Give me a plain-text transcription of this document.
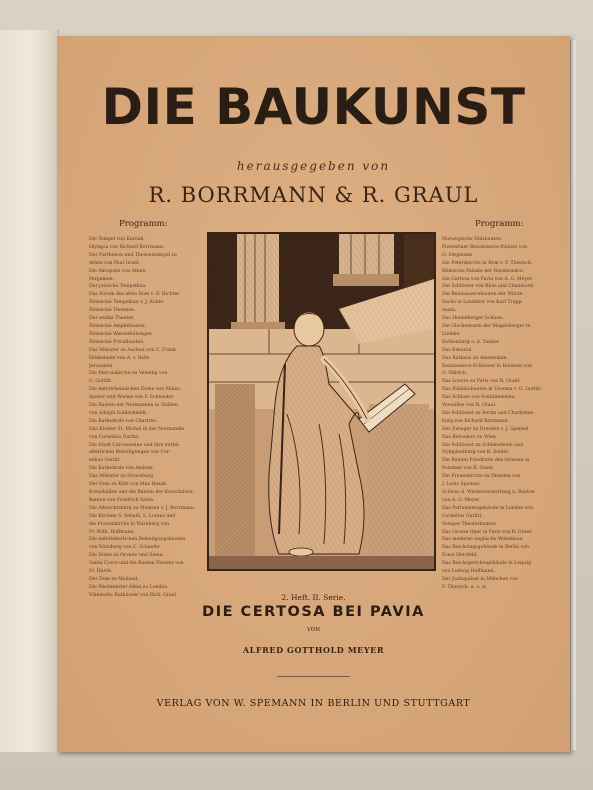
DIE BAUKUNST
herausgegeben von
R. BORRMANN & R. GRAUL
Programm:	Programm:
Die Tempel von Karnak.
Olympia von Richard Borrmann.
Der Parthenon und Theseustempel zu
Athen von Paul Graef.
Die Akropolis von Athen.
Pergamon.
Der jonische Tempelbau.
Das Forum des alten Rom v. O. Richter.
Römische Tempelbau v. J. Kohte.
Römische Thermen.
Der antike Theater.
Römische Amphitheater.
Römische Wasserleitungen.
Römische Privatbauten.
Das Münster zu Aachen von C. Frank.
Hildesheim von A. v. Behr.
Jerusalem.
Die Marcuskirche zu Venedig von
G. Gurlitt.
Die mittelrheinischen Dome von Mainz,
Speyer und Worms von F. Schneider.
Die Bauten der Normannen in Sizilien
von Adolph Goldschmidt.
Die Kathedrale von Chartres.
Das Kloster St. Michel in der Normandie
von Cornelius Gurlitt.
Die Stadt Carcassonne und ihre mittel-
alterlichen Befestigungen von Cor-
nelius Gurlitt.
Die Kathedrale von Amiens.
Das Münster zu Strassburg.
Der Dom zu Köln von Max Hasak.
Kreuzhallen und die Bauten der Kreuzfahrer.
Bauten von Friedrich Sarre.
Die Albrechtsburg zu Meissen v. J. Borrmann.
Die Kirchen S. Sebald, S. Lorenz und
die Frauenkirche in Nürnberg von
Fr. Wilh. Hoffmann.
Die mittelalterlichen Befestigungsbauten
von Nürnberg von C. Schaefer.
Die Dome zu Orvieto und Siena.
Santa Croce und die Bauten Florenz von
Fr. Harck.
Der Dom zu Mailand.
Die Westminster-Abtei zu London.
Vlämische Rathäuser von Rich. Graul.
Norwegische Holzbauten.
Florentiner Renaissance-Paläste von
O. Stegmann.
Die Peterskirche in Rom v. F. Thiersch.
Römische Paläste der Renaissance.
Die Certosa von Pavia von A. G. Meyer.
Die Schlösser von Blois und Chambord.
Die Renaissancebauten der Würzb-
Sachs in Landshut von Karl Trapp-
mann.
Das Heidelberger Schloss.
Die Glockenturm der Magdeburger in
Lüdeke.
Rothenburg o. d. Tauber.
Das Eskorial.
Das Rathaus zu Amsterdam.
Renaissance-Schlösser in Holstein von
G. Oldrich.
Das Louvre zu Paris von R. Graef.
Das Palladiobauten in Vicenza v. G. Gurlitt.
Das Schloss von Fontainebleau.
Versailles von R. Graul.
Die Schlösser zu Berlin und Charlotten-
burg von Richard Borrmann.
Der Zwinger zu Dresden v. J. Sponsel.
Das Belvedere zu Wien.
Die Schlösser zu Schleissheim und
Nymphenburg von R. Seidel.
Die Bauten Friedrichs des Grossen in
Potsdam von R. Graul.
Die Frauenkirche zu Dresden von
J. Louis Sponsel.
Schloss d. Wiederverwertung u. Bauten
von A. G. Meyer.
Das Parlamentsgebäude in London von
Cornelius Gurlitt.
Semper Theaterbauten.
Das Grosse Oper in Paris von R. Graef.
Das moderne englische Wohnhaus.
Das Reichstagsgebäude in Berlin von
Ernst Herzfeld.
Das Reichsgerichtsgebäude in Leipzig
von Ludwig Hoffmann.
Der Justizpalast in München von
F. Thiersch. u. s. w.
2. Heft. II. Serie.
DIE CERTOSA BEI PAVIA
VON
ALFRED GOTTHOLD MEYER
VERLAG VON W. SPEMANN IN BERLIN UND STUTTGART
